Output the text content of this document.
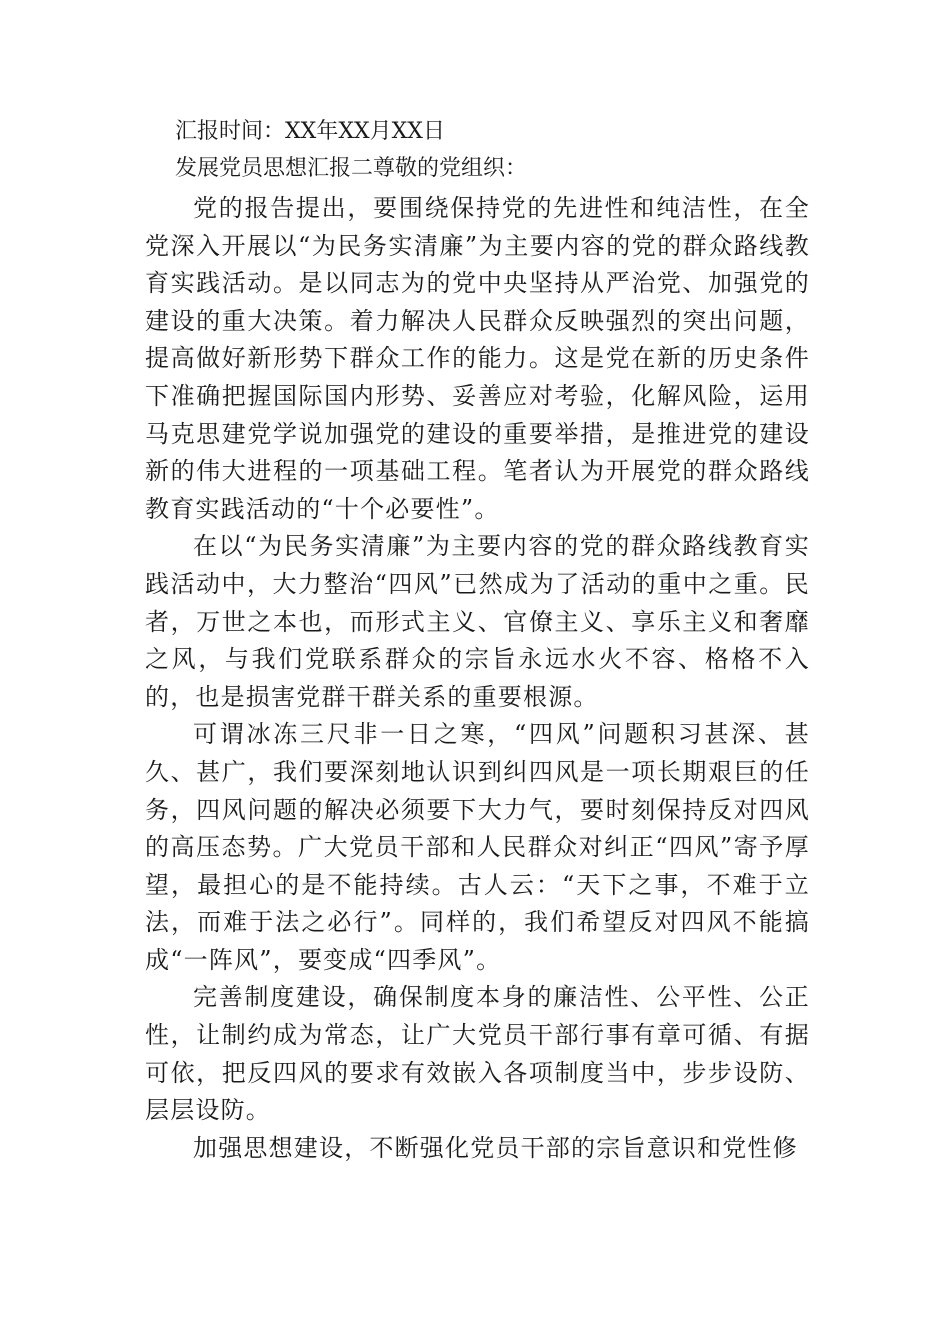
汇报时间：XX年XX月XX日

发展党员思想汇报二尊敬的党组织：

党的报告提出，要围绕保持党的先进性和纯洁性，在全党深入开展以“为民务实清廉”为主要内容的党的群众路线教育实践活动。是以同志为的党中央坚持从严治党、加强党的建设的重大决策。着力解决人民群众反映强烈的突出问题，提高做好新形势下群众工作的能力。这是党在新的历史条件下准确把握国际国内形势、妥善应对考验，化解风险，运用马克思建党学说加强党的建设的重要举措，是推进党的建设新的伟大进程的一项基础工程。笔者认为开展党的群众路线教育实践活动的“十个必要性”。

在以“为民务实清廉”为主要内容的党的群众路线教育实践活动中，大力整治“四风”已然成为了活动的重中之重。民者，万世之本也，而形式主义、官僚主义、享乐主义和奢靡之风，与我们党联系群众的宗旨永远水火不容、格格不入的，也是损害党群干群关系的重要根源。

可谓冰冻三尺非一日之寒，“四风”问题积习甚深、甚久、甚广，我们要深刻地认识到纠四风是一项长期艰巨的任务，四风问题的解决必须要下大力气，要时刻保持反对四风的高压态势。广大党员干部和人民群众对纠正“四风”寄予厚望，最担心的是不能持续。古人云：“天下之事，不难于立法，而难于法之必行”。同样的，我们希望反对四风不能搞成“一阵风”，要变成“四季风”。

完善制度建设，确保制度本身的廉洁性、公平性、公正性，让制约成为常态，让广大党员干部行事有章可循、有据可依，把反四风的要求有效嵌入各项制度当中，步步设防、层层设防。

加强思想建设，不断强化党员干部的宗旨意识和党性修
